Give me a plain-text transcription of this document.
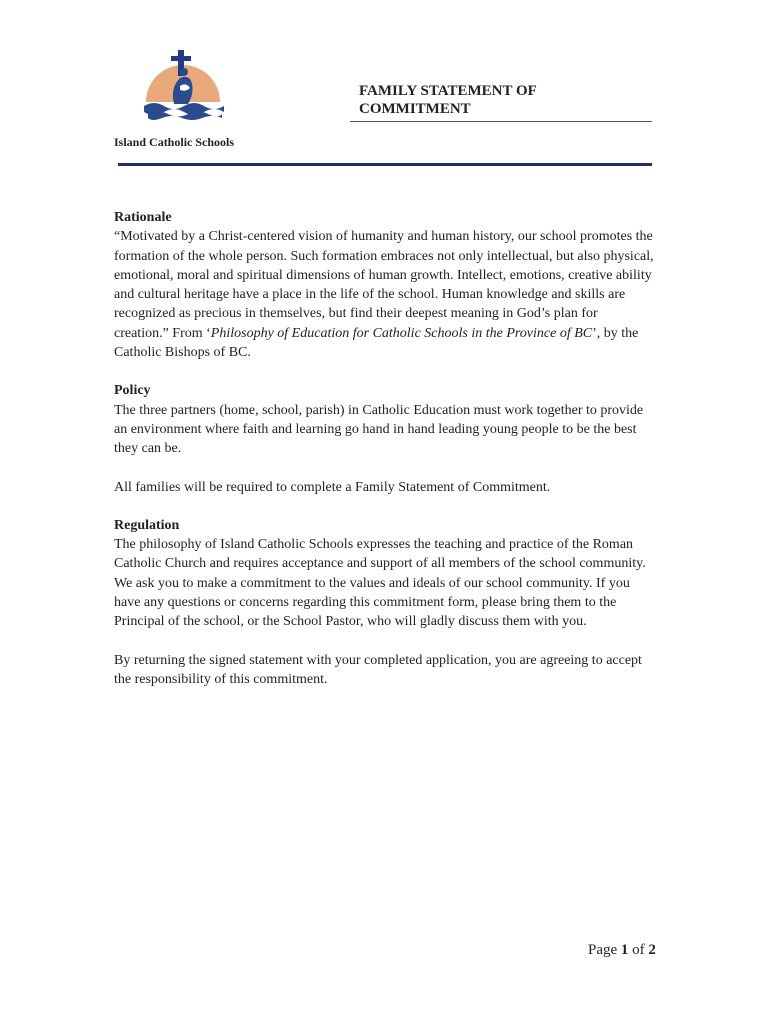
Island Catholic Schools
FAMILY STATEMENT OF
COMMITMENT

Rationale

“Motivated by a Christ-centered vision of humanity and human history, our school promotes the formation of the whole person. Such formation embraces not only intellectual, but also physical, emotional, moral and spiritual dimensions of human growth. Intellect, emotions, creative ability and cultural heritage have a place in the life of the school. Human knowledge and skills are recognized as precious in themselves, but find their deepest meaning in God’s plan for creation.” From ‘Philosophy of Education for Catholic Schools in the Province of BC’, by the Catholic Bishops of BC.

Policy

The three partners (home, school, parish) in Catholic Education must work together to provide an environment where faith and learning go hand in hand leading young people to be the best they can be.

All families will be required to complete a Family Statement of Commitment.

Regulation

The philosophy of Island Catholic Schools expresses the teaching and practice of the Roman Catholic Church and requires acceptance and support of all members of the school community. We ask you to make a commitment to the values and ideals of our school community. If you have any questions or concerns regarding this commitment form, please bring them to the Principal of the school, or the School Pastor, who will gladly discuss them with you.

By returning the signed statement with your completed application, you are agreeing to accept the responsibility of this commitment.

Page 1 of 2
